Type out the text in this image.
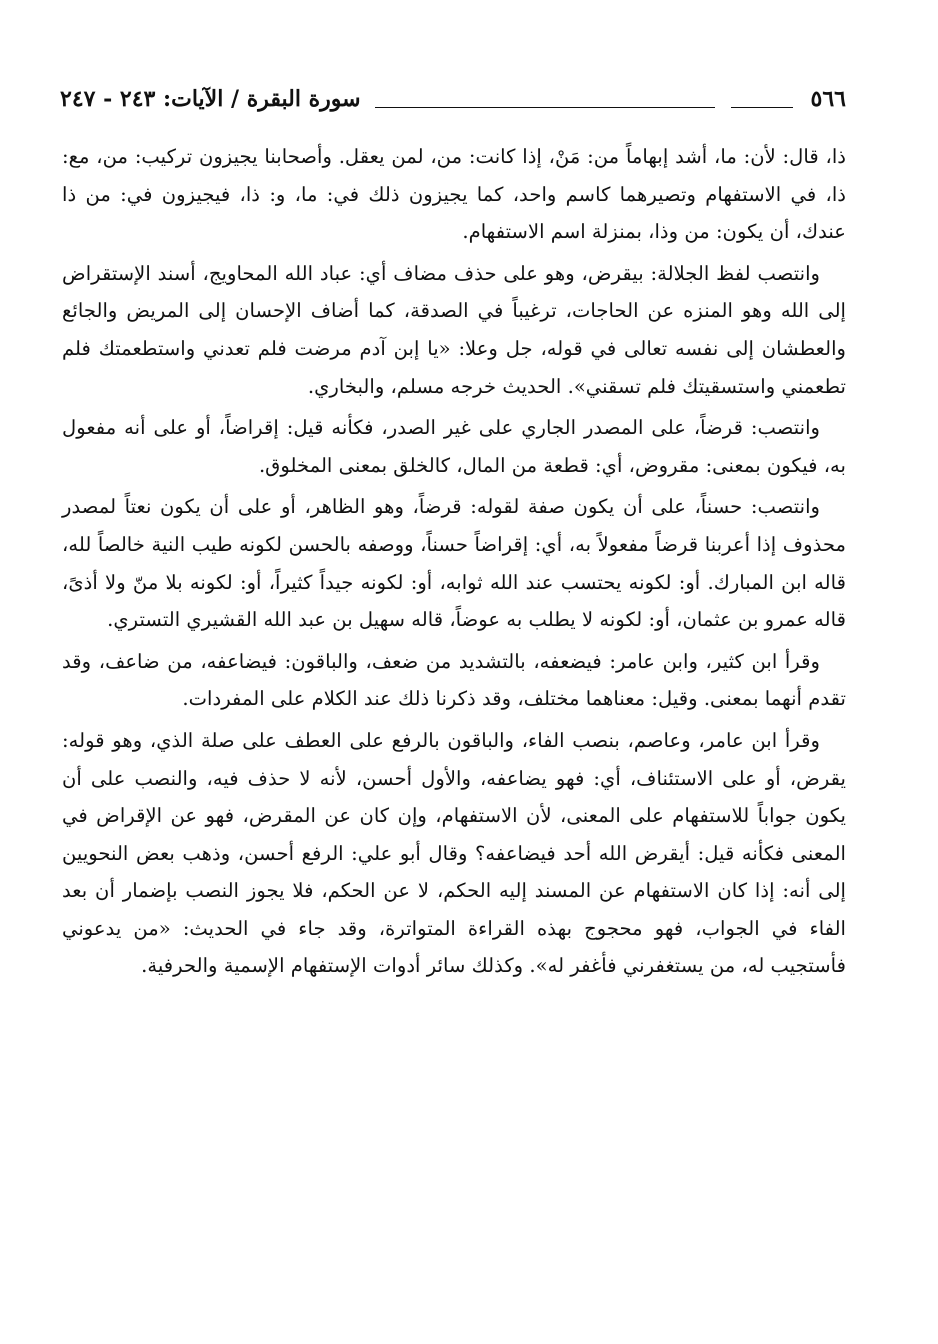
٥٦٦
سورة البقرة / الآيات: ٢٤٣ - ٢٤٧

ذا، قال: لأن: ما، أشد إبهاماً من: مَنْ، إذا كانت: من، لمن يعقل. وأصحابنا يجيزون تركيب: من، مع: ذا، في الاستفهام وتصيرهما كاسم واحد، كما يجيزون ذلك في: ما، و: ذا، فيجيزون في: من ذا عندك، أن يكون: من وذا، بمنزلة اسم الاستفهام.

وانتصب لفظ الجلالة: بيقرض، وهو على حذف مضاف أي: عباد الله المحاويج، أسند الإستقراض إلى الله وهو المنزه عن الحاجات، ترغيباً في الصدقة، كما أضاف الإحسان إلى المريض والجائع والعطشان إلى نفسه تعالى في قوله، جل وعلا: «يا إبن آدم مرضت فلم تعدني واستطعمتك فلم تطعمني واستسقيتك فلم تسقني». الحديث خرجه مسلم، والبخاري.

وانتصب: قرضاً، على المصدر الجاري على غير الصدر، فكأنه قيل: إقراضاً، أو على أنه مفعول به، فيكون بمعنى: مقروض، أي: قطعة من المال، كالخلق بمعنى المخلوق.

وانتصب: حسناً، على أن يكون صفة لقوله: قرضاً، وهو الظاهر، أو على أن يكون نعتاً لمصدر محذوف إذا أعربنا قرضاً مفعولاً به، أي: إقراضاً حسناً، ووصفه بالحسن لكونه طيب النية خالصاً لله، قاله ابن المبارك. أو: لكونه يحتسب عند الله ثوابه، أو: لكونه جيداً كثيراً، أو: لكونه بلا منّ ولا أذىً، قاله عمرو بن عثمان، أو: لكونه لا يطلب به عوضاً، قاله سهيل بن عبد الله القشيري التستري.

وقرأ ابن كثير، وابن عامر: فيضعفه، بالتشديد من ضعف، والباقون: فيضاعفه، من ضاعف، وقد تقدم أنهما بمعنى. وقيل: معناهما مختلف، وقد ذكرنا ذلك عند الكلام على المفردات.

وقرأ ابن عامر، وعاصم، بنصب الفاء، والباقون بالرفع على العطف على صلة الذي، وهو قوله: يقرض، أو على الاستئناف، أي: فهو يضاعفه، والأول أحسن، لأنه لا حذف فيه، والنصب على أن يكون جواباً للاستفهام على المعنى، لأن الاستفهام، وإن كان عن المقرض، فهو عن الإقراض في المعنى فكأنه قيل: أيقرض الله أحد فيضاعفه؟ وقال أبو علي: الرفع أحسن، وذهب بعض النحويين إلى أنه: إذا كان الاستفهام عن المسند إليه الحكم، لا عن الحكم، فلا يجوز النصب بإضمار أن بعد الفاء في الجواب، فهو محجوج بهذه القراءة المتواترة، وقد جاء في الحديث: «من يدعوني فأستجيب له، من يستغفرني فأغفر له». وكذلك سائر أدوات الإستفهام الإسمية والحرفية.
